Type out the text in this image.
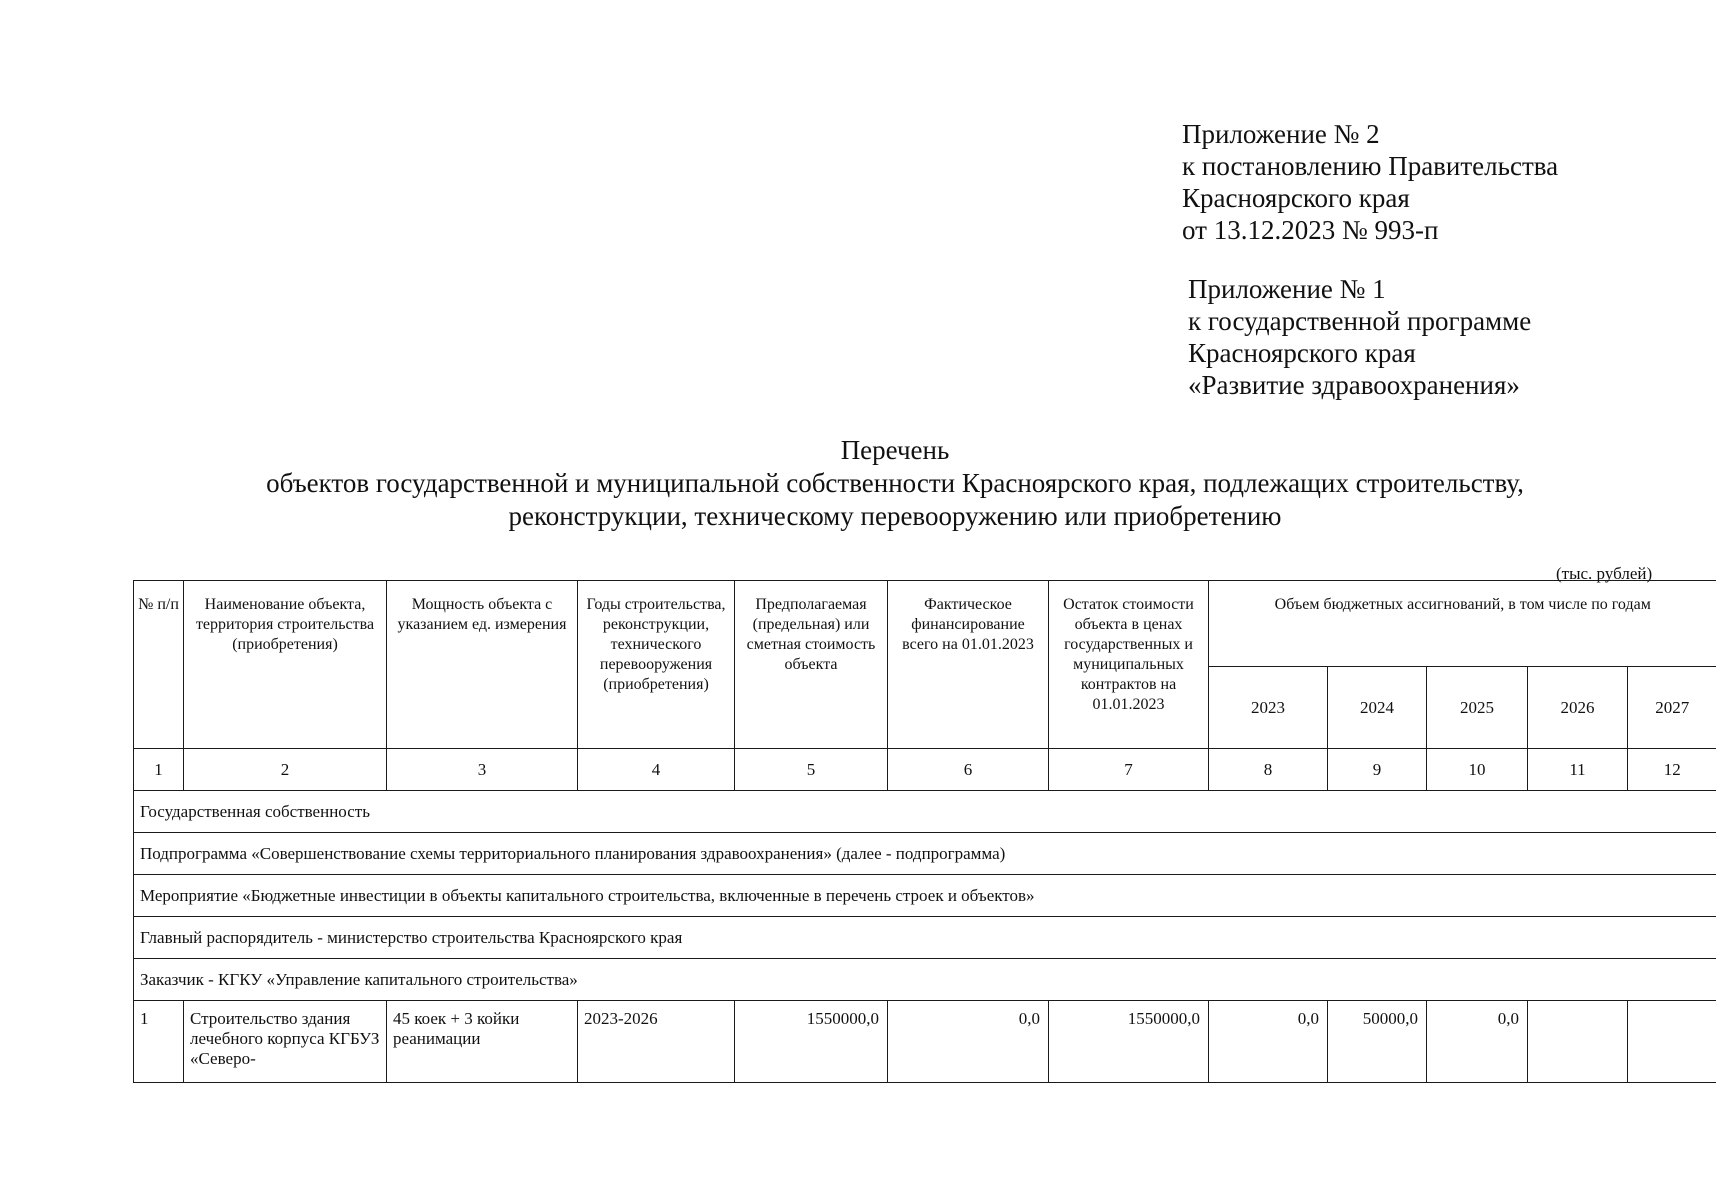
Приложение № 2
к постановлению Правительства
Красноярского края
от 13.12.2023 № 993-п
Приложение № 1
к государственной программе
Красноярского края
«Развитие здравоохранения»
Перечень
объектов государственной и муниципальной собственности Красноярского края, подлежащих строительству,
реконструкции, техническому перевооружению или приобретению
(тыс. рублей)
№ п/п	Наименование объекта, территория строительства (приобретения)	Мощность объекта с указанием ед. измерения	Годы строительства, реконструкции, технического перевооружения (приобретения)	Предполагаемая (предельная) или сметная стоимость объекта	Фактическое финансирование всего на 01.01.2023	Остаток стоимости объекта в ценах государственных и муниципальных контрактов на 01.01.2023	Объем бюджетных ассигнований, в том числе по годам				
							2023	2024	2025	2026	2027
1	2	3	4	5	6	7	8	9	10	11	12
Государственная собственность											
Подпрограмма «Совершенствование схемы территориального планирования здравоохранения» (далее - подпрограмма)											
Мероприятие «Бюджетные инвестиции в объекты капитального строительства, включенные в перечень строек и объектов»											
Главный распорядитель - министерство строительства Красноярского края											
Заказчик - КГКУ «Управление капитального строительства»											
1	Строительство здания лечебного корпуса КГБУЗ «Северо-	45 коек + 3 койки реанимации	2023-2026	1550000,0	0,0	1550000,0	0,0	50000,0	0,0		
